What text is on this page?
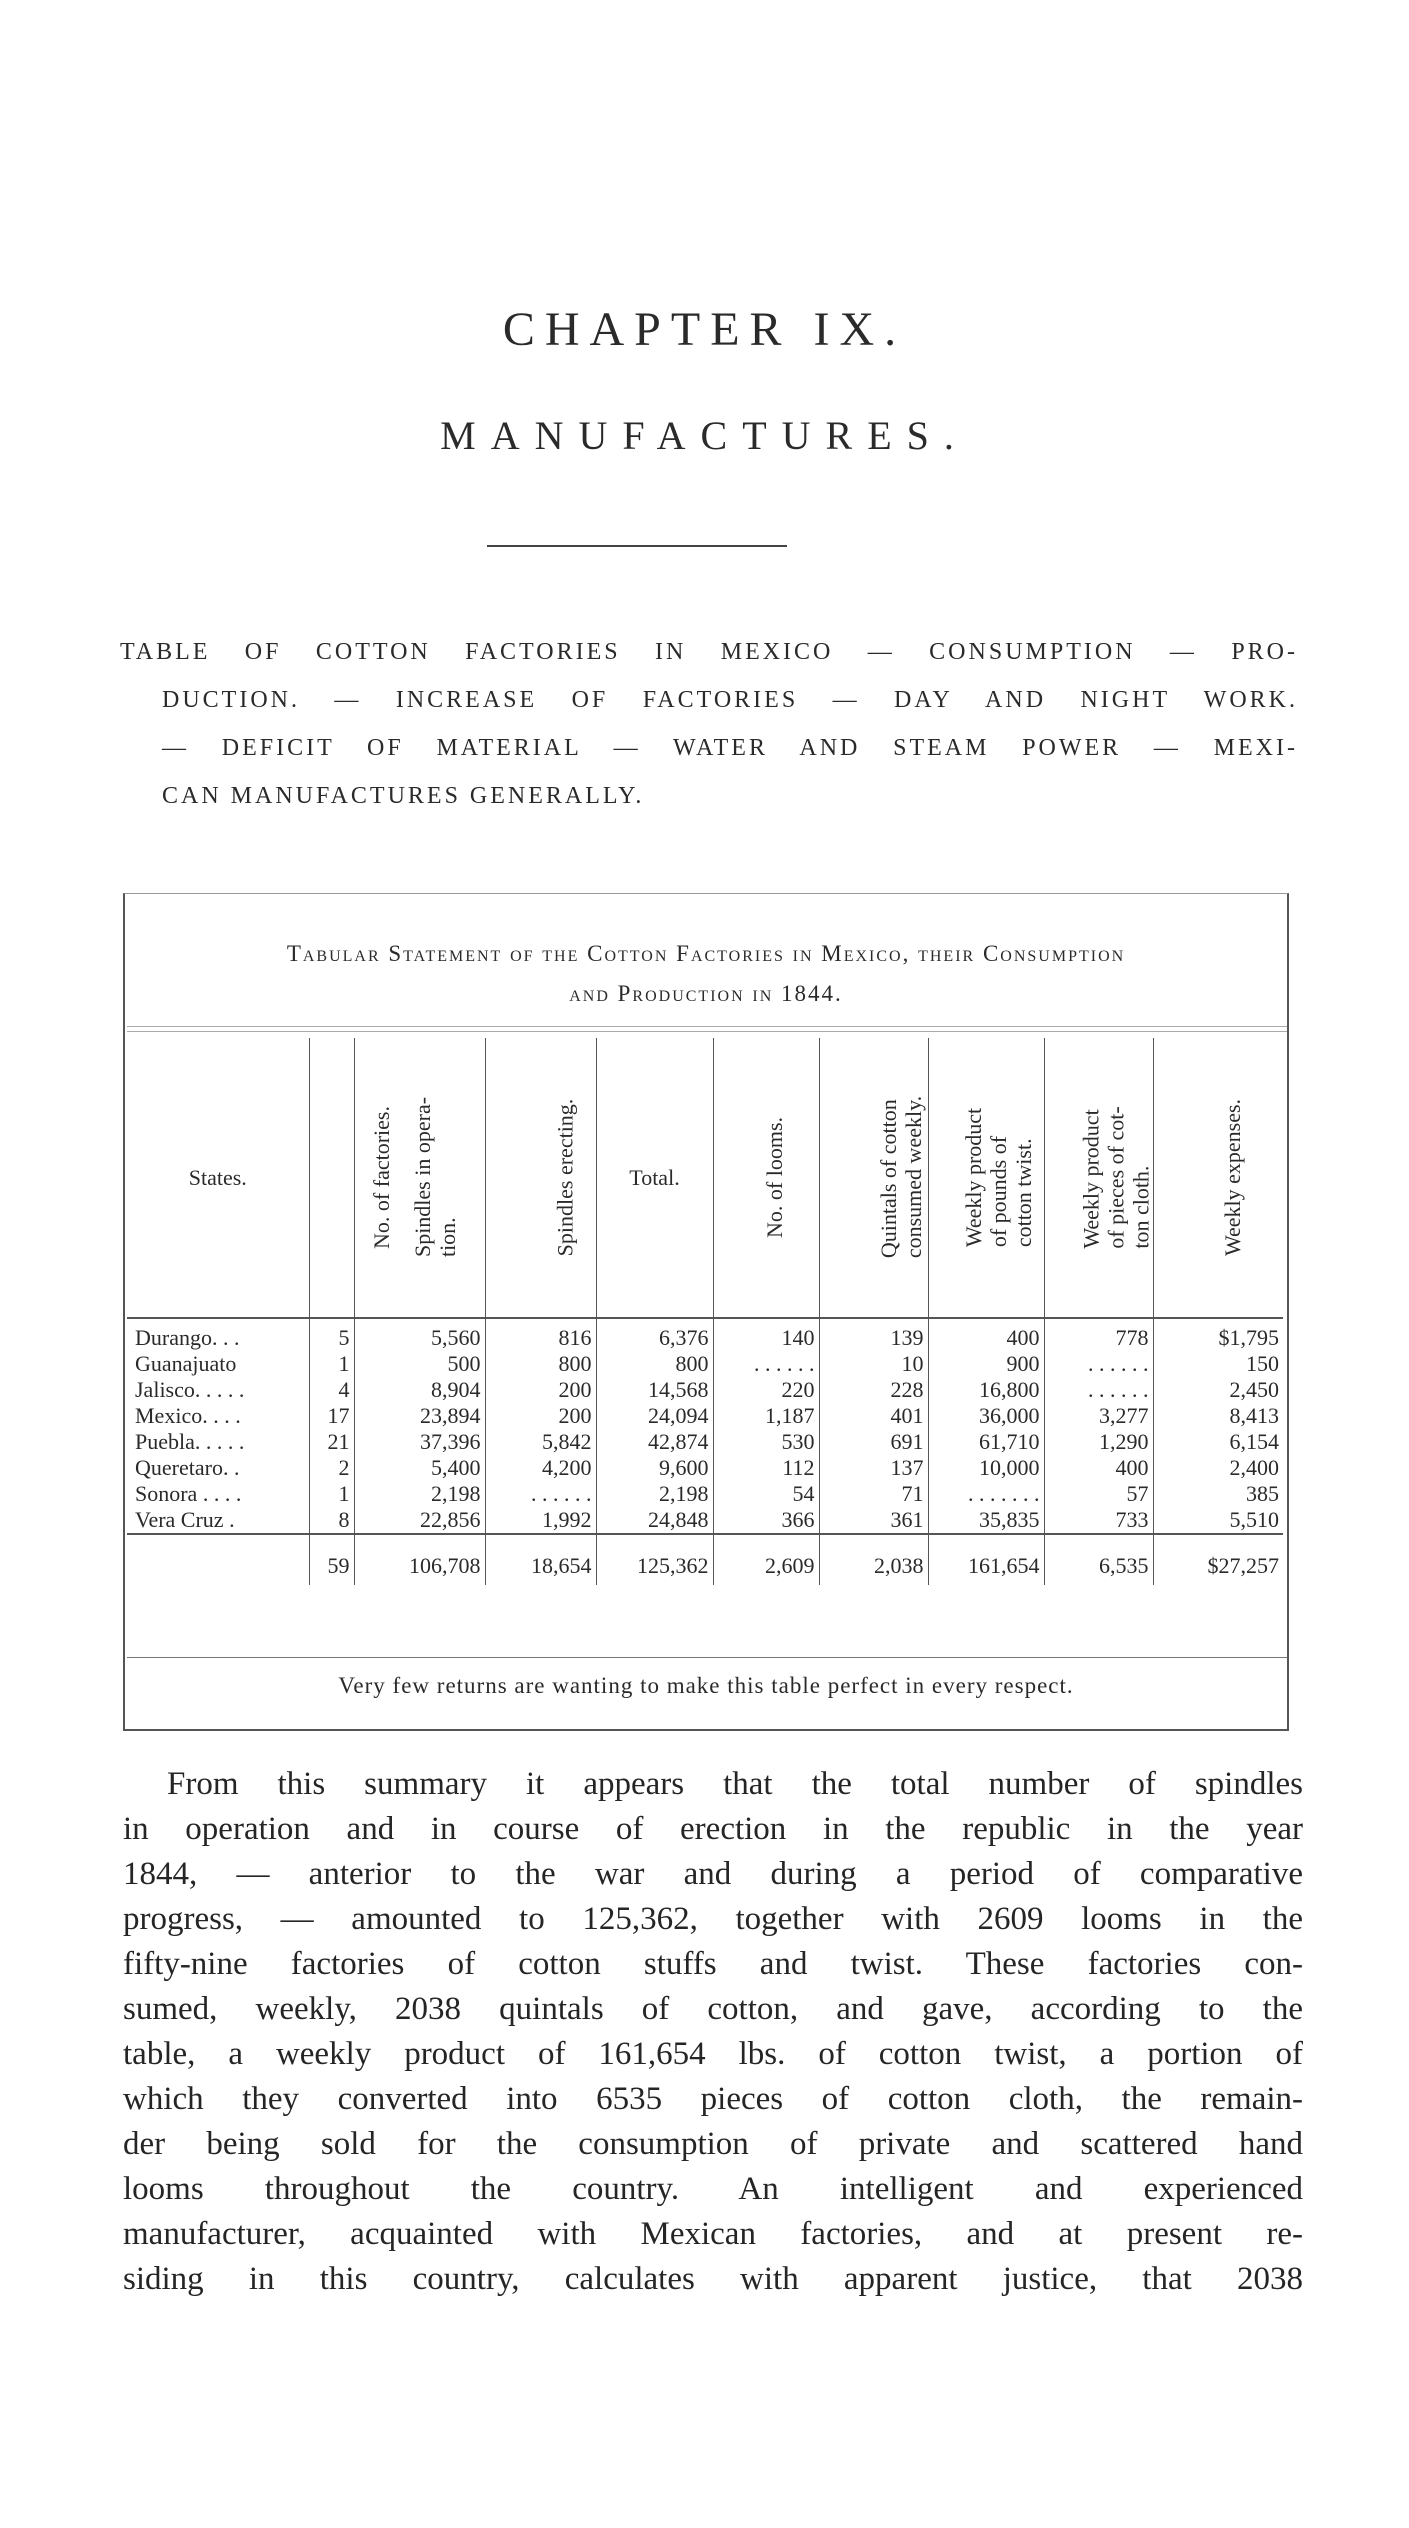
CHAPTER IX.
MANUFACTURES.
TABLE OF COTTON FACTORIES IN MEXICO — CONSUMPTION — PRO-
DUCTION. — INCREASE OF FACTORIES — DAY AND NIGHT WORK.
— DEFICIT OF MATERIAL — WATER AND STEAM POWER — MEXI-
CAN MANUFACTURES GENERALLY.
Tabular Statement of the Cotton Factories in Mexico, their Consumption
and Production in 1844.
States.	No. of factories.	Spindles in opera- tion.	Spindles erecting.	Total.	No. of looms.	Quintals of cotton consumed weekly.	Weekly product of pounds of cotton twist.	Weekly product of pieces of cot- ton cloth.	Weekly expenses.

Durango. . .	5	5,560	816	6,376	140	139	400	778	$1,795
Guanajuato	1	500	800	800	. . . . . .	10	900	. . . . . .	150
Jalisco. . . . .	4	8,904	200	14,568	220	228	16,800	. . . . . .	2,450
Mexico. . . .	17	23,894	200	24,094	1,187	401	36,000	3,277	8,413
Puebla. . . . .	21	37,396	5,842	42,874	530	691	61,710	1,290	6,154
Queretaro. .	2	5,400	4,200	9,600	112	137	10,000	400	2,400
Sonora . . . .	1	2,198	. . . . . .	2,198	54	71	. . . . . . .	57	385
Vera Cruz .	8	22,856	1,992	24,848	366	361	35,835	733	5,510
	59	106,708	18,654	125,362	2,609	2,038	161,654	6,535	$27,257
Very few returns are wanting to make this table perfect in every respect.
From this summary it appears that the total number of spindles
in operation and in course of erection in the republic in the year
1844, — anterior to the war and during a period of comparative
progress, — amounted to 125,362, together with 2609 looms in the
fifty-nine factories of cotton stuffs and twist. These factories con-
sumed, weekly, 2038 quintals of cotton, and gave, according to the
table, a weekly product of 161,654 lbs. of cotton twist, a portion of
which they converted into 6535 pieces of cotton cloth, the remain-
der being sold for the consumption of private and scattered hand
looms throughout the country. An intelligent and experienced
manufacturer, acquainted with Mexican factories, and at present re-
siding in this country, calculates with apparent justice, that 2038
